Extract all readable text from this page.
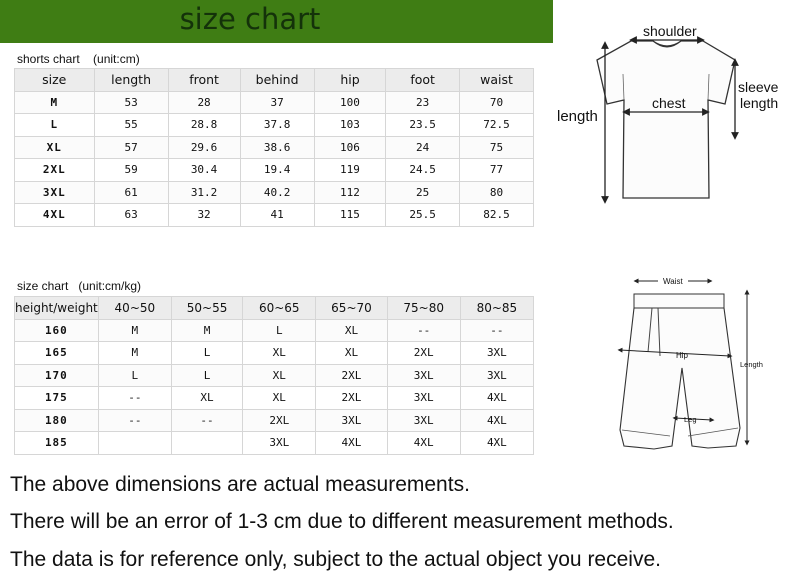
size chart
shorts chart    (unit:cm)
size	length	front	behind	hip	foot	waist
M	53	28	37	100	23	70
L	55	28.8	37.8	103	23.5	72.5
XL	57	29.6	38.6	106	24	75
2XL	59	30.4	19.4	119	24.5	77
3XL	61	31.2	40.2	112	25	80
4XL	63	32	41	115	25.5	82.5
size chart   (unit:cm/kg)
height/weight	40~50	50~55	60~65	65~70	75~80	80~85
160	M	M	L	XL	--	--
165	M	L	XL	XL	2XL	3XL
170	L	L	XL	2XL	3XL	3XL
175	--	XL	XL	2XL	3XL	4XL
180	--	--	2XL	3XL	3XL	4XL
185			3XL	4XL	4XL	4XL
shoulder
chest
length
sleeve
length
Waist
Hip
Length
Leg
The above dimensions are actual measurements.
There will be an error of 1-3 cm due to different measurement methods.
The data is for reference only, subject to the actual object you receive.
